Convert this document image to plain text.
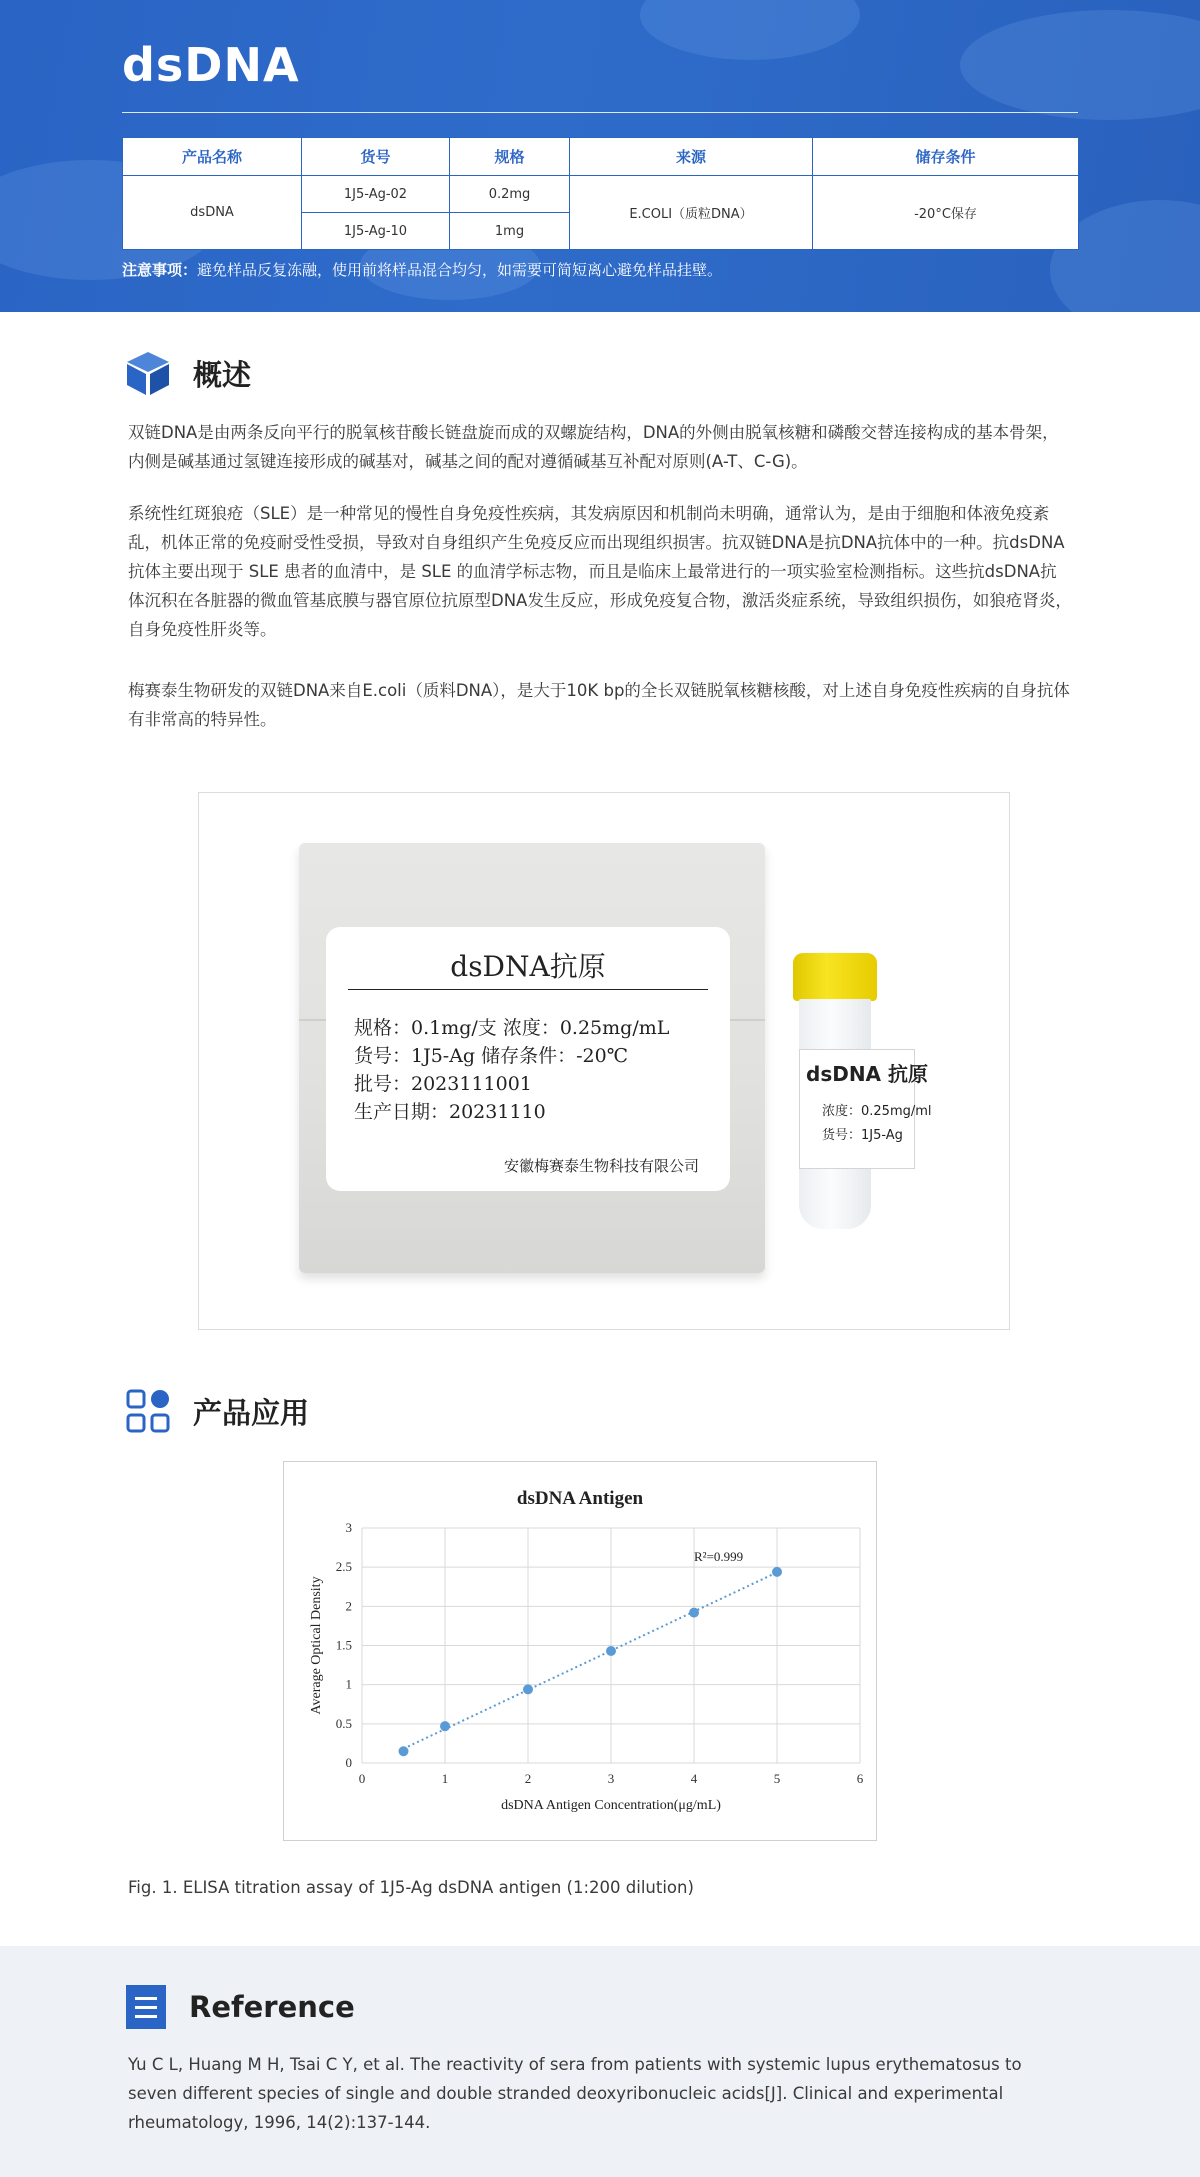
dsDNA
产品名称	货号	规格	来源	储存条件
dsDNA	1J5-Ag-02	0.2mg	E.COLI（质粒DNA）	-20°C保存
	1J5-Ag-10	1mg		
注意事项：避免样品反复冻融，使用前将样品混合均匀，如需要可简短离心避免样品挂壁。
概述

双链DNA是由两条反向平行的脱氧核苷酸长链盘旋而成的双螺旋结构，DNA的外侧由脱氧核糖和磷酸交替连接构成的基本骨架，内侧是碱基通过氢键连接形成的碱基对，碱基之间的配对遵循碱基互补配对原则(A-T、C-G)。

系统性红斑狼疮（SLE）是一种常见的慢性自身免疫性疾病，其发病原因和机制尚未明确，通常认为，是由于细胞和体液免疫紊乱，机体正常的免疫耐受性受损，导致对自身组织产生免疫反应而出现组织损害。抗双链DNA是抗DNA抗体中的一种。抗dsDNA抗体主要出现于 SLE 患者的血清中，是 SLE 的血清学标志物，而且是临床上最常进行的一项实验室检测指标。这些抗dsDNA抗体沉积在各脏器的微血管基底膜与器官原位抗原型DNA发生反应，形成免疫复合物，激活炎症系统，导致组织损伤，如狼疮肾炎，自身免疫性肝炎等。

梅赛泰生物研发的双链DNA来自E.coli（质料DNA），是大于10K bp的全长双链脱氧核糖核酸，对上述自身免疫性疾病的自身抗体有非常高的特异性。

dsDNA抗原
规格：0.1mg/支 浓度：0.25mg/mL
货号：1J5-Ag 储存条件：-20℃
批号：2023111001
生产日期：20231110
安徽梅赛泰生物科技有限公司
dsDNA 抗原
浓度：0.25mg/ml
货号：1J5-Ag
产品应用
dsDNA Antigen
0	1	2	3	4	5	6
0
0.5
1
1.5
2
2.5
3
dsDNA Antigen Concentration(μg/mL)
Average Optical Density
R²=0.999
Fig. 1. ELISA titration assay of 1J5-Ag dsDNA antigen (1:200 dilution)
Reference

Yu C L, Huang M H, Tsai C Y, et al. The reactivity of sera from patients with systemic lupus erythematosus to seven different species of single and double stranded deoxyribonucleic acids[J]. Clinical and experimental rheumatology, 1996, 14(2):137-144.
